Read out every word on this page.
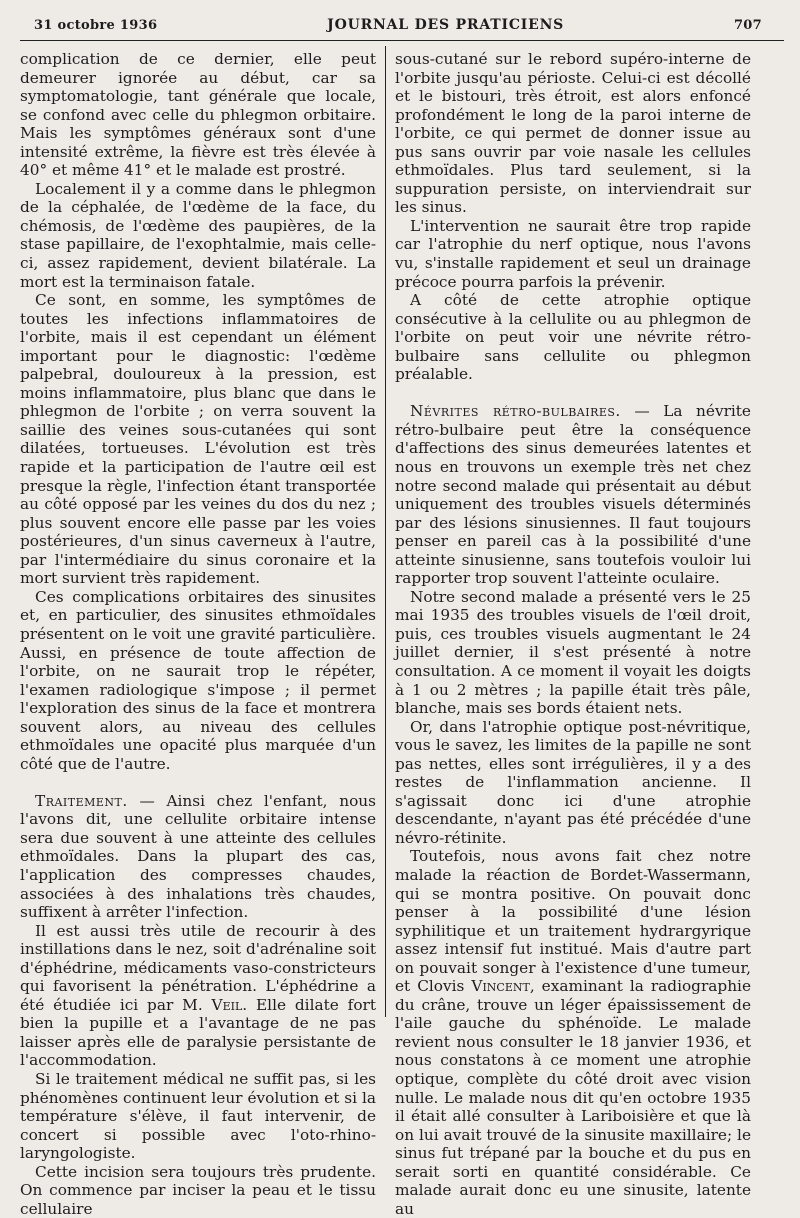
31 octobre 1936	JOURNAL DES PRATICIENS	707

complication de ce dernier, elle peut demeurer ignorée au début, car sa symptomatologie, tant générale que locale, se confond avec celle du phlegmon orbitaire. Mais les symptômes généraux sont d'une intensité extrême, la fièvre est très élevée à 40° et même 41° et le malade est prostré.

Localement il y a comme dans le phlegmon de la céphalée, de l'œdème de la face, du chémosis, de l'œdème des paupières, de la stase papillaire, de l'exophtalmie, mais celle-ci, assez rapidement, devient bilatérale. La mort est la terminaison fatale.

Ce sont, en somme, les symptômes de toutes les infections inflammatoires de l'orbite, mais il est cependant un élément important pour le diagnostic: l'œdème palpebral, douloureux à la pression, est moins inflammatoire, plus blanc que dans le phlegmon de l'orbite ; on verra souvent la saillie des veines sous-cutanées qui sont dilatées, tortueuses. L'évolution est très rapide et la participation de l'autre œil est presque la règle, l'infection étant transportée au côté opposé par les veines du dos du nez ; plus souvent encore elle passe par les voies postérieures, d'un sinus caverneux à l'autre, par l'intermédiaire du sinus coronaire et la mort survient très rapidement.

Ces complications orbitaires des sinusites et, en particulier, des sinusites ethmoïdales présentent on le voit une gravité particulière. Aussi, en présence de toute affection de l'orbite, on ne saurait trop le répéter, l'examen radiologique s'impose ; il permet l'exploration des sinus de la face et montrera souvent alors, au niveau des cellules ethmoïdales une opacité plus marquée d'un côté que de l'autre.

Traitement. — Ainsi chez l'enfant, nous l'avons dit, une cellulite orbitaire intense sera due souvent à une atteinte des cellules ethmoïdales. Dans la plupart des cas, l'application des compresses chaudes, associées à des inhalations très chaudes, suffixent à arrêter l'infection.

Il est aussi très utile de recourir à des instillations dans le nez, soit d'adrénaline soit d'éphédrine, médicaments vaso-constricteurs qui favorisent la pénétration. L'éphédrine a été étudiée ici par M. Veil. Elle dilate fort bien la pupille et a l'avantage de ne pas laisser après elle de paralysie persistante de l'accommodation.

Si le traitement médical ne suffit pas, si les phénomènes continuent leur évolution et si la température s'élève, il faut intervenir, de concert si possible avec l'oto-rhino-laryngologiste.

Cette incision sera toujours très prudente. On commence par inciser la peau et le tissu cellulaire

sous-cutané sur le rebord supéro-interne de l'orbite jusqu'au périoste. Celui-ci est décollé et le bistouri, très étroit, est alors enfoncé profondément le long de la paroi interne de l'orbite, ce qui permet de donner issue au pus sans ouvrir par voie nasale les cellules ethmoïdales. Plus tard seulement, si la suppuration persiste, on interviendrait sur les sinus.

L'intervention ne saurait être trop rapide car l'atrophie du nerf optique, nous l'avons vu, s'installe rapidement et seul un drainage précoce pourra parfois la prévenir.

A côté de cette atrophie optique consécutive à la cellulite ou au phlegmon de l'orbite on peut voir une névrite rétro-bulbaire sans cellulite ou phlegmon préalable.

Névrites rétro-bulbaires. — La névrite rétro-bulbaire peut être la conséquence d'affections des sinus demeurées latentes et nous en trouvons un exemple très net chez notre second malade qui présentait au début uniquement des troubles visuels déterminés par des lésions sinusiennes. Il faut toujours penser en pareil cas à la possibilité d'une atteinte sinusienne, sans toutefois vouloir lui rapporter trop souvent l'atteinte oculaire.

Notre second malade a présenté vers le 25 mai 1935 des troubles visuels de l'œil droit, puis, ces troubles visuels augmentant le 24 juillet dernier, il s'est présenté à notre consultation. A ce moment il voyait les doigts à 1 ou 2 mètres ; la papille était très pâle, blanche, mais ses bords étaient nets.

Or, dans l'atrophie optique post-névritique, vous le savez, les limites de la papille ne sont pas nettes, elles sont irrégulières, il y a des restes de l'inflammation ancienne. Il s'agissait donc ici d'une atrophie descendante, n'ayant pas été précédée d'une névro-rétinite.

Toutefois, nous avons fait chez notre malade la réaction de Bordet-Wassermann, qui se montra positive. On pouvait donc penser à la possibilité d'une lésion syphilitique et un traitement hydrargyrique assez intensif fut institué. Mais d'autre part on pouvait songer à l'existence d'une tumeur, et Clovis Vincent, examinant la radiographie du crâne, trouve un léger épaississement de l'aile gauche du sphénoïde. Le malade revient nous consulter le 18 janvier 1936, et nous constatons à ce moment une atrophie optique, complète du côté droit avec vision nulle. Le malade nous dit qu'en octobre 1935 il était allé consulter à Lariboisière et que là on lui avait trouvé de la sinusite maxillaire; le sinus fut trépané par la bouche et du pus en serait sorti en quantité considérable. Ce malade aurait donc eu une sinusite, latente au
